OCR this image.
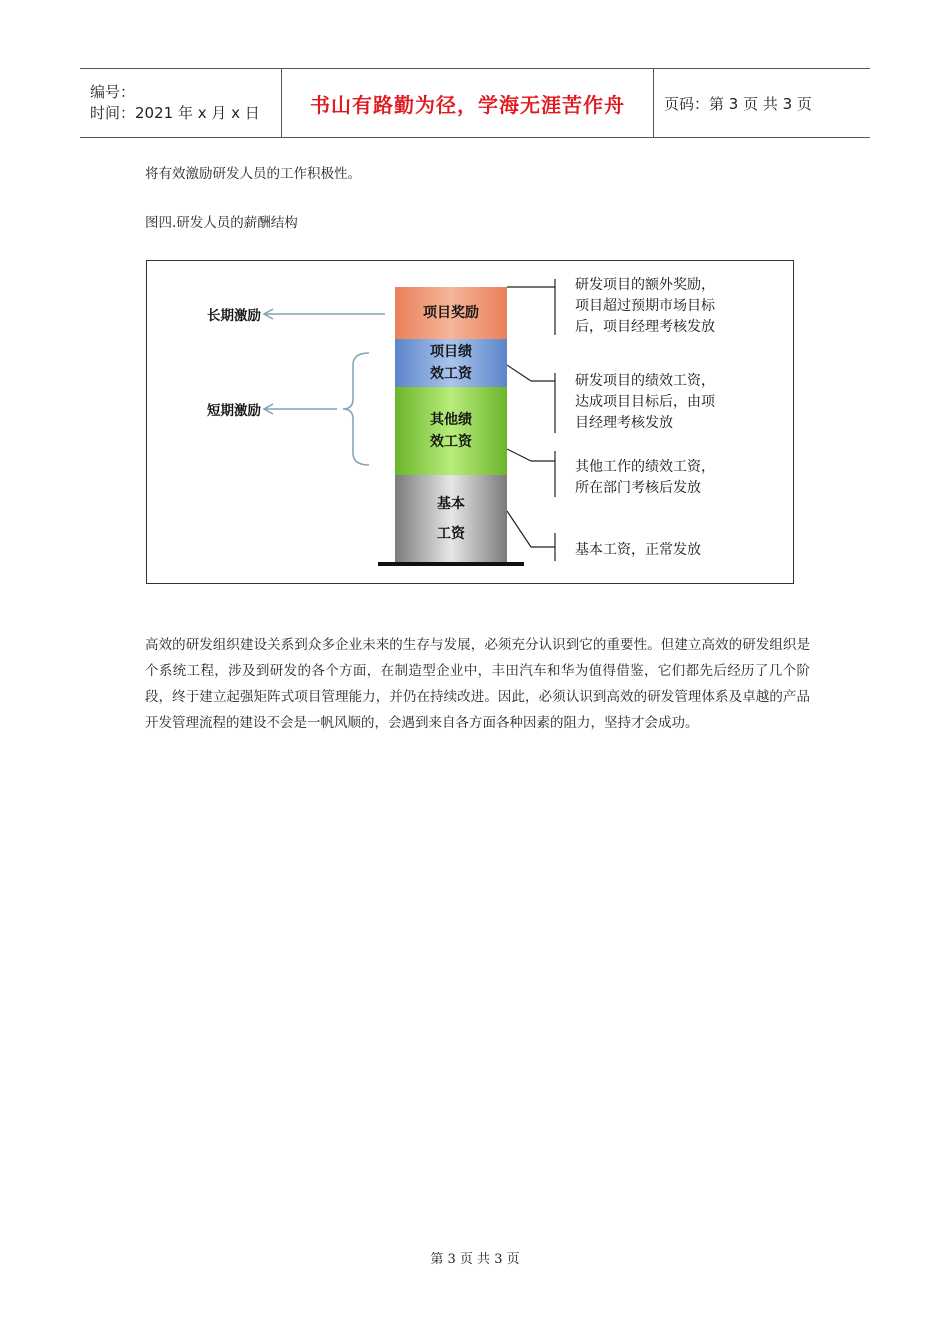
编号：
时间：2021 年 x 月 x 日	书山有路勤为径，学海无涯苦作舟	页码：第 3 页 共 3 页
将有效激励研发人员的工作积极性。
图四.研发人员的薪酬结构
项目奖励
项目绩
效工资
其他绩
效工资
基本
工资
长期激励
短期激励
研发项目的额外奖励，
项目超过预期市场目标
后，项目经理考核发放
研发项目的绩效工资，
达成项目目标后，由项
目经理考核发放
其他工作的绩效工资，
所在部门考核后发放
基本工资，正常发放
高效的研发组织建设关系到众多企业未来的生存与发展，必须充分认识到它的重要性。但建立高效的研发组织是个系统工程，涉及到研发的各个方面，在制造型企业中，丰田汽车和华为值得借鉴，它们都先后经历了几个阶段，终于建立起强矩阵式项目管理能力，并仍在持续改进。因此，必须认识到高效的研发管理体系及卓越的产品开发管理流程的建设不会是一帆风顺的，会遇到来自各方面各种因素的阻力，坚持才会成功。
第 3 页 共 3 页
